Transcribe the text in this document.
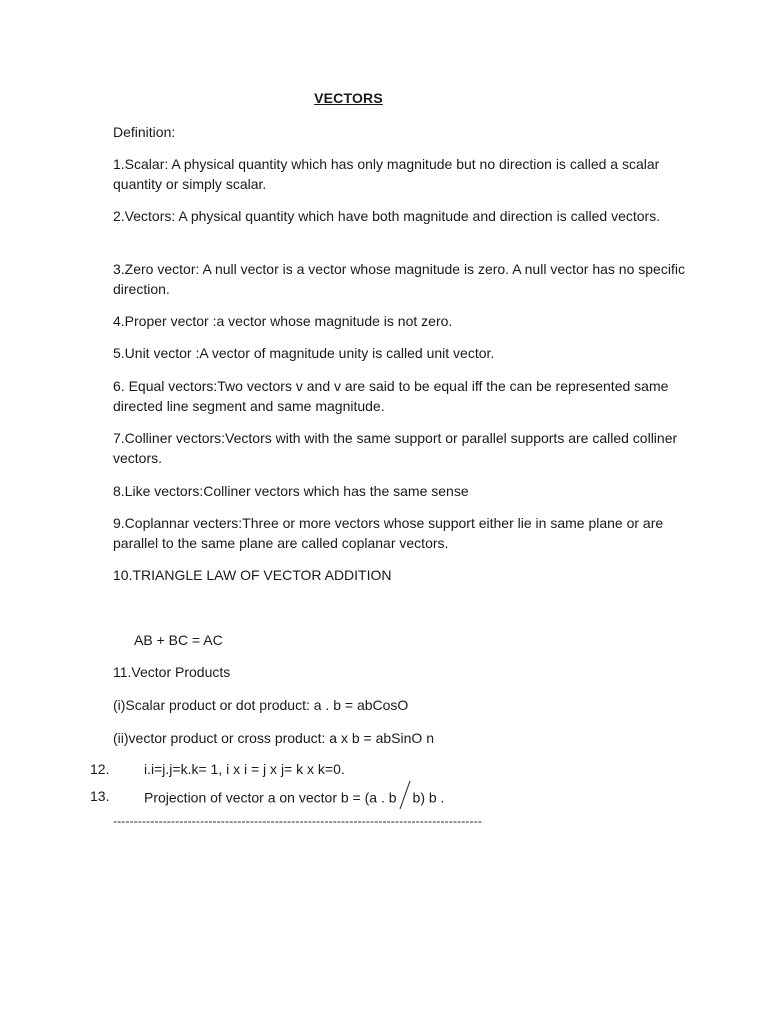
VECTORS
Definition:
1.Scalar: A physical quantity which has only magnitude but no direction is called a scalar quantity or simply scalar.
2.Vectors: A physical quantity which have both magnitude and direction is called vectors.
3.Zero vector: A null vector is a vector whose magnitude is zero. A null vector has no specific direction.
4.Proper vector :a vector whose magnitude is not zero.
5.Unit vector :A vector of magnitude unity is called unit vector.
6. Equal vectors:Two vectors v and v are said to be equal iff the can be represented same directed line segment and same magnitude.
7.Colliner vectors:Vectors with with the same support or parallel supports are called colliner vectors.
8.Like vectors:Colliner vectors which has the same sense
9.Coplannar vecters:Three or more vectors whose support either lie in same plane or are parallel to the same plane are called coplanar vectors.
10.TRIANGLE LAW OF VECTOR ADDITION
AB + BC = AC
11.Vector Products
(i)Scalar product or dot product: a . b = abCosO
(ii)vector product or cross product: a x b = abSinO n
12. i.i=j.j=k.k= 1, i x i = j x j= k x k=0.
13. Projection of vector a on vector b = (a . b b) b .
-----------------------------------------------------------------------------------------
